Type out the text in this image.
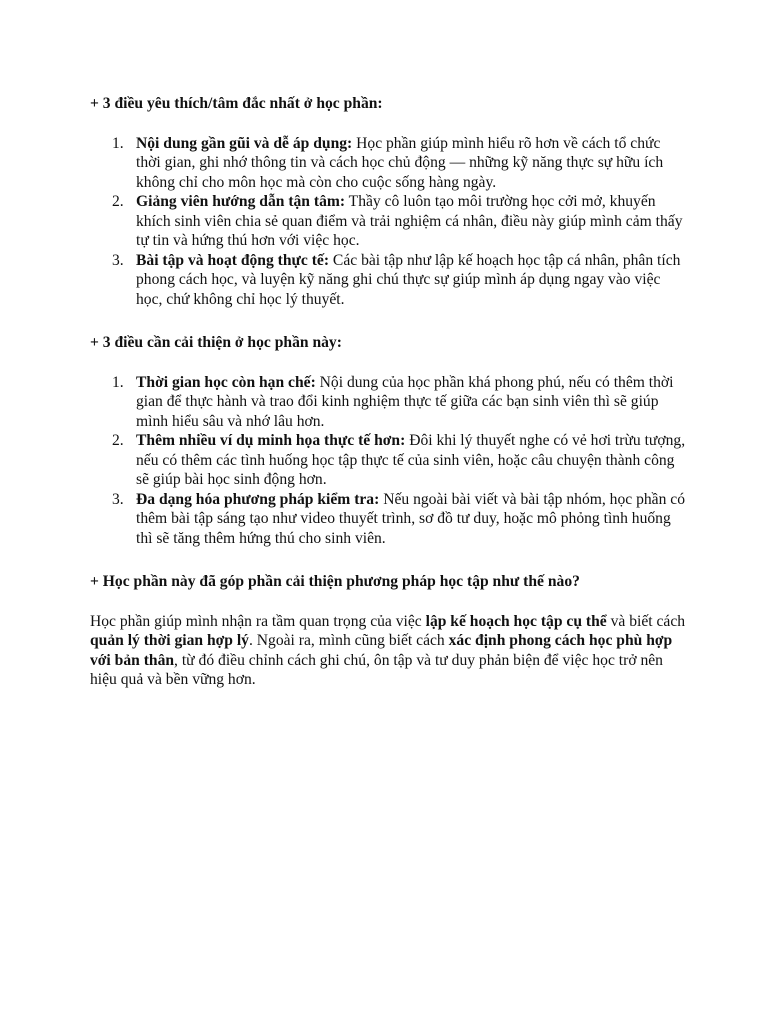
+ 3 điều yêu thích/tâm đắc nhất ở học phần:

1. Nội dung gần gũi và dễ áp dụng: Học phần giúp mình hiểu rõ hơn về cách tổ chức thời gian, ghi nhớ thông tin và cách học chủ động — những kỹ năng thực sự hữu ích không chỉ cho môn học mà còn cho cuộc sống hàng ngày.
2. Giảng viên hướng dẫn tận tâm: Thầy cô luôn tạo môi trường học cởi mở, khuyến khích sinh viên chia sẻ quan điểm và trải nghiệm cá nhân, điều này giúp mình cảm thấy tự tin và hứng thú hơn với việc học.
3. Bài tập và hoạt động thực tế: Các bài tập như lập kế hoạch học tập cá nhân, phân tích phong cách học, và luyện kỹ năng ghi chú thực sự giúp mình áp dụng ngay vào việc học, chứ không chỉ học lý thuyết.

+ 3 điều cần cải thiện ở học phần này:

1. Thời gian học còn hạn chế: Nội dung của học phần khá phong phú, nếu có thêm thời gian để thực hành và trao đổi kinh nghiệm thực tế giữa các bạn sinh viên thì sẽ giúp mình hiểu sâu và nhớ lâu hơn.
2. Thêm nhiều ví dụ minh họa thực tế hơn: Đôi khi lý thuyết nghe có vẻ hơi trừu tượng, nếu có thêm các tình huống học tập thực tế của sinh viên, hoặc câu chuyện thành công sẽ giúp bài học sinh động hơn.
3. Đa dạng hóa phương pháp kiểm tra: Nếu ngoài bài viết và bài tập nhóm, học phần có thêm bài tập sáng tạo như video thuyết trình, sơ đồ tư duy, hoặc mô phỏng tình huống thì sẽ tăng thêm hứng thú cho sinh viên.

+ Học phần này đã góp phần cải thiện phương pháp học tập như thế nào?

Học phần giúp mình nhận ra tầm quan trọng của việc lập kế hoạch học tập cụ thể và biết cách quản lý thời gian hợp lý. Ngoài ra, mình cũng biết cách xác định phong cách học phù hợp với bản thân, từ đó điều chỉnh cách ghi chú, ôn tập và tư duy phản biện để việc học trở nên hiệu quả và bền vững hơn.
